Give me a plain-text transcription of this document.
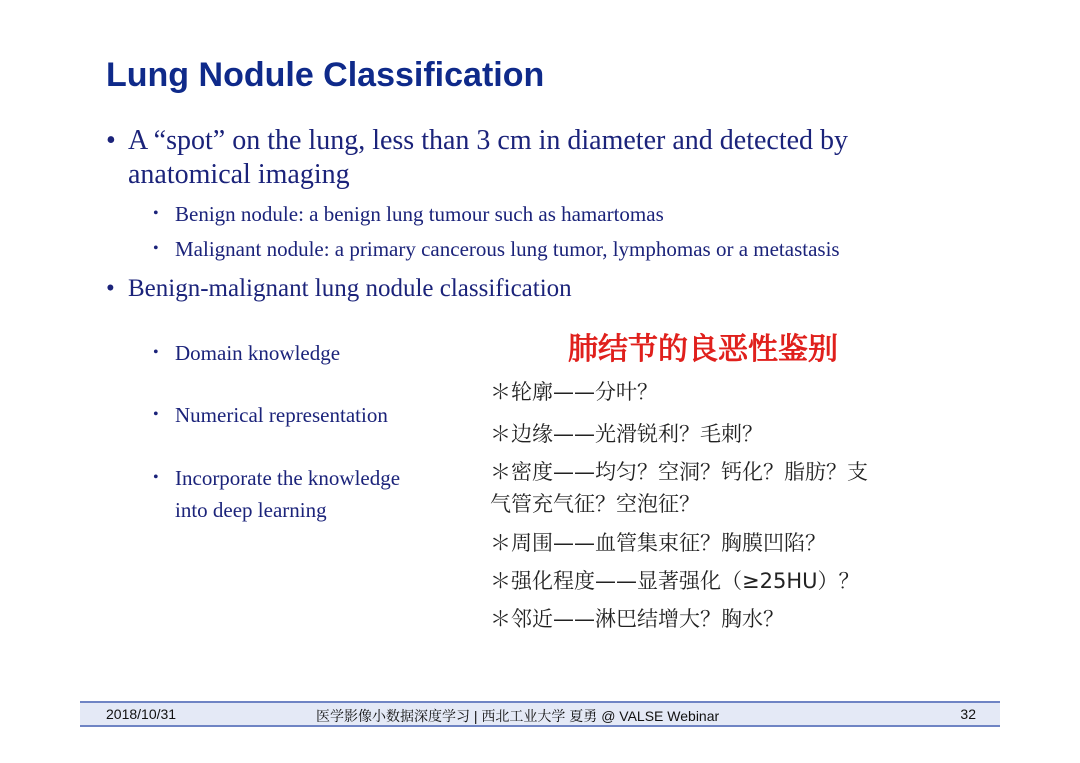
Lung Nodule Classification
• A “spot” on the lung, less than 3 cm in diameter and detected by
anatomical imaging
• Benign nodule: a benign lung tumour such as hamartomas
• Malignant nodule: a primary cancerous lung tumor, lymphomas or a metastasis
• Benign-malignant lung nodule classification
• Domain knowledge
• Numerical representation
• Incorporate the knowledge
into deep learning
肺结节的良恶性鉴别
＊轮廓——分叶？
＊边缘——光滑锐利？毛刺？
＊密度——均匀？空洞？钙化？脂肪？支
气管充气征？空泡征？
＊周围——血管集束征？胸膜凹陷？
＊强化程度——显著强化（≥25HU）？
＊邻近——淋巴结增大？胸水？
2018/10/31	医学影像小数据深度学习 | 西北工业大学 夏勇 @ VALSE Webinar	32
